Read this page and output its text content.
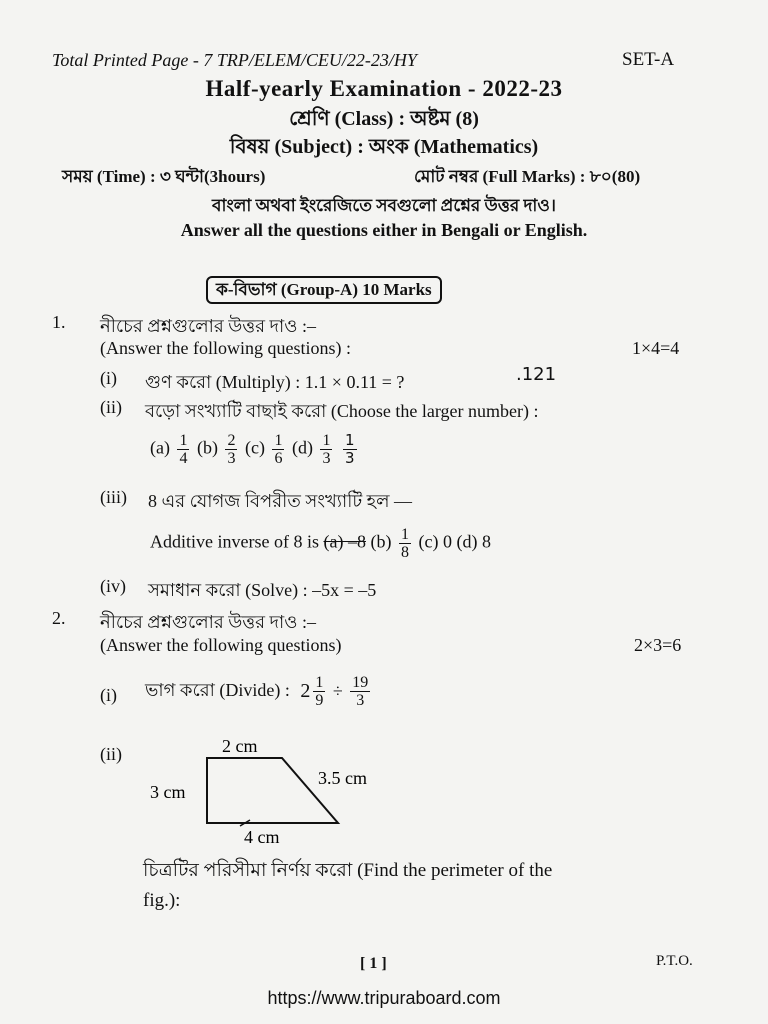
Total Printed Page - 7 TRP/ELEM/CEU/22-23/HY	SET-A
Half-yearly Examination - 2022-23
শ্রেণি (Class) : অষ্টম (8)
বিষয় (Subject) : অংক (Mathematics)
সময় (Time) : ৩ ঘন্টা(3hours)	মোট নম্বর (Full Marks) : ৮০(80)
বাংলা অথবা ইংরেজিতে সবগুলো প্রশ্নের উত্তর দাও।
Answer all the questions either in Bengali or English.
ক-বিভাগ (Group-A) 10 Marks
1. নীচের প্রশ্নগুলোর উত্তর দাও :–
(Answer the following questions) :	1×4=4
(i) গুণ করো (Multiply) : 1.1 × 0.11 = ?	.121
(ii) বড়ো সংখ্যাটি বাছাই করো (Choose the larger number) :
$(a) \frac{1}{4} (b) \frac{2}{3} (c) \frac{1}{6} (d) \frac{1}{3}$
$\frac{1}{3}$
(iii) 8 এর যোগজ বিপরীত সংখ্যাটি হল —
Additive inverse of 8 is (a) –8 $(b) \frac{1}{8} (c)$ 0 (d) 8
(iv) সমাধান করো (Solve) : –5x = –5
2. নীচের প্রশ্নগুলোর উত্তর দাও :–
(Answer the following questions)	2×3=6
(i) ভাগ করো (Divide) : $2 \frac{1}{9} \div \frac{19}{3}$
(ii)	2 cm
3 cm
3.5 cm
4 cm
চিত্রটির পরিসীমা নির্ণয় করো (Find the perimeter of the
fig.):
[ 1 ]	P.T.O.
https://www.tripuraboard.com
